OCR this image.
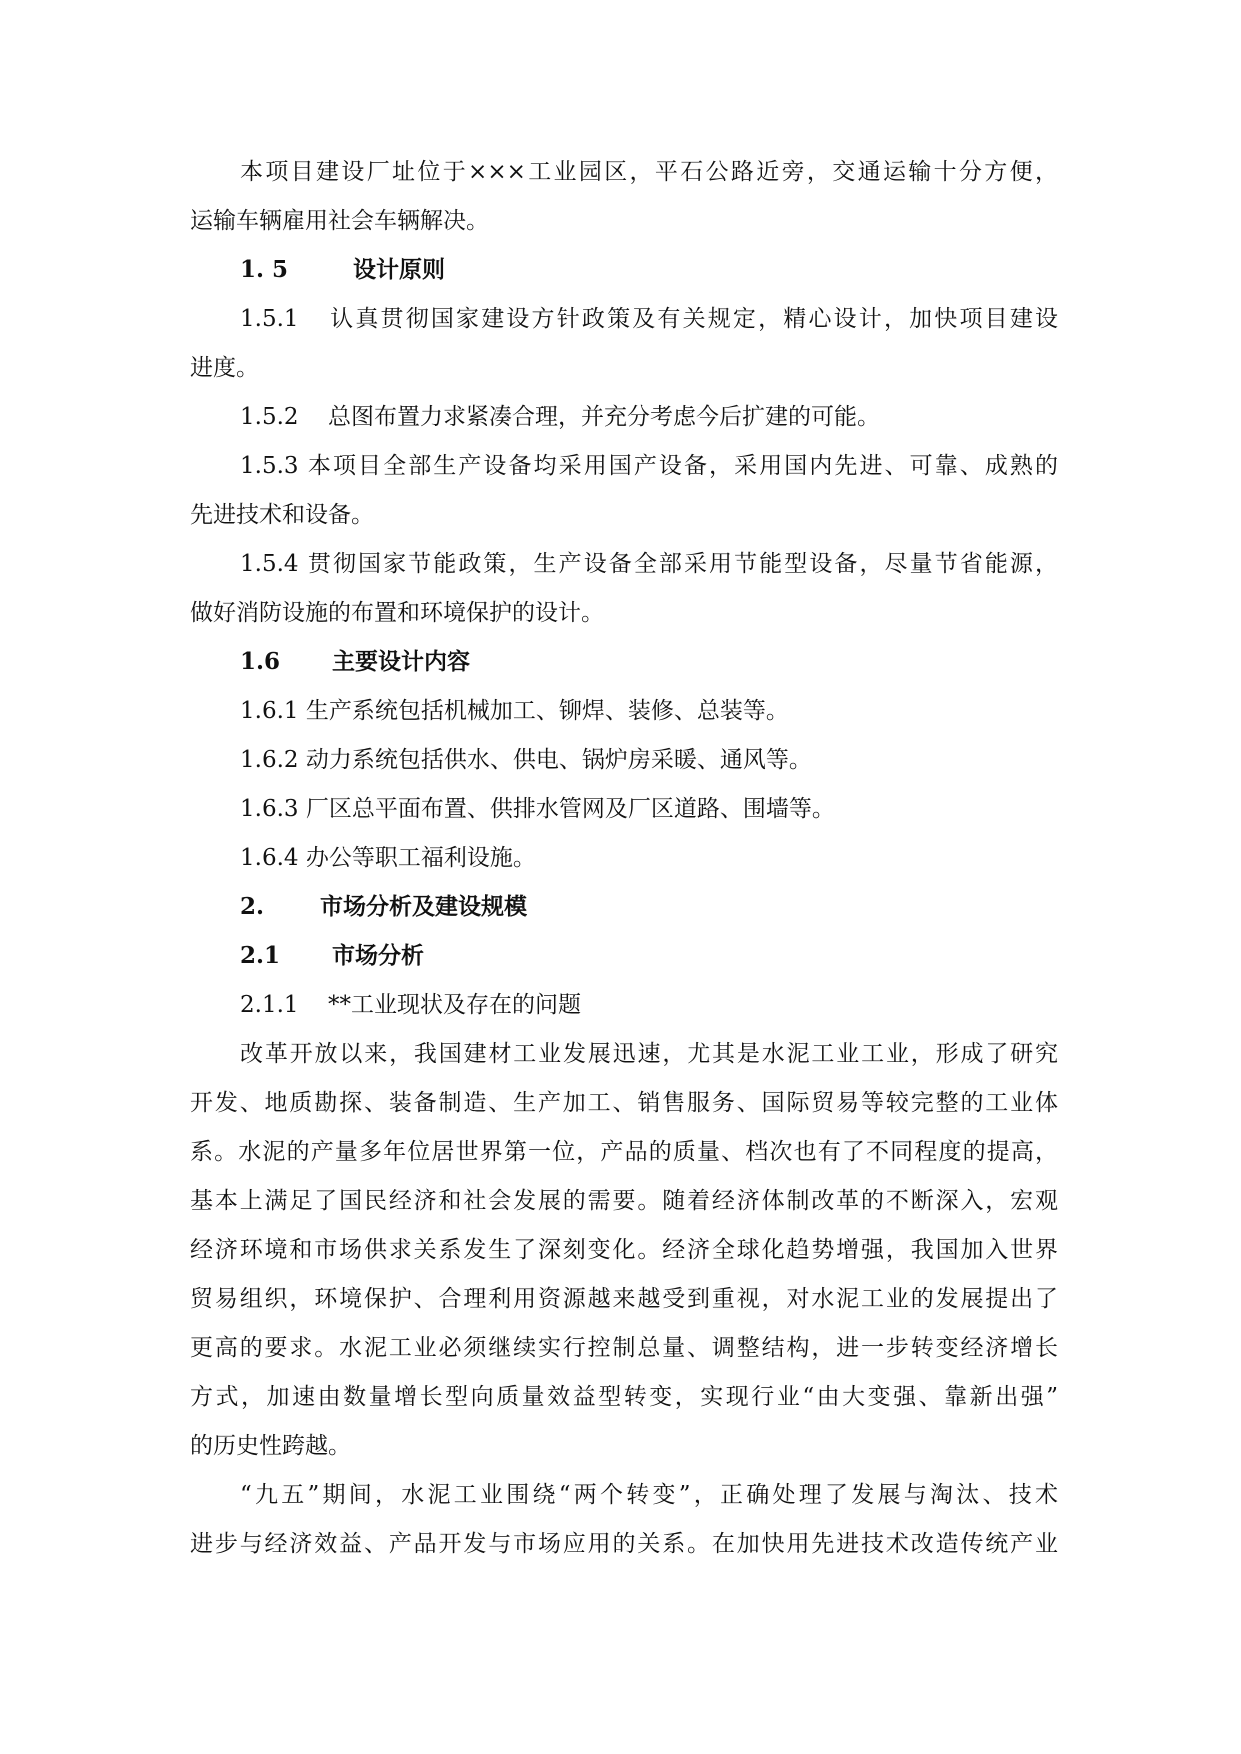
本项目建设厂址位于×××工业园区，平石公路近旁，交通运输十分方便，

运输车辆雇用社会车辆解决。

1. 5	设计原则
1.5.1 认真贯彻国家建设方针政策及有关规定，精心设计，加快项目建设

进度。

1.5.2 总图布置力求紧凑合理，并充分考虑今后扩建的可能。

1.5.3 本项目全部生产设备均采用国产设备，采用国内先进、可靠、成熟的

先进技术和设备。

1.5.4 贯彻国家节能政策，生产设备全部采用节能型设备，尽量节省能源，

做好消防设施的布置和环境保护的设计。

1.6 主要设计内容

1.6.1 生产系统包括机械加工、铆焊、装修、总装等。

1.6.2 动力系统包括供水、供电、锅炉房采暖、通风等。

1.6.3 厂区总平面布置、供排水管网及厂区道路、围墙等。

1.6.4 办公等职工福利设施。

2. 市场分析及建设规模
2.1 市场分析
2.1.1 **工业现状及存在的问题

改革开放以来，我国建材工业发展迅速，尤其是水泥工业工业，形成了研究

开发、地质勘探、装备制造、生产加工、销售服务、国际贸易等较完整的工业体

系。水泥的产量多年位居世界第一位，产品的质量、档次也有了不同程度的提高，

基本上满足了国民经济和社会发展的需要。随着经济体制改革的不断深入，宏观

经济环境和市场供求关系发生了深刻变化。经济全球化趋势增强，我国加入世界

贸易组织，环境保护、合理利用资源越来越受到重视，对水泥工业的发展提出了

更高的要求。水泥工业必须继续实行控制总量、调整结构，进一步转变经济增长

方式，加速由数量增长型向质量效益型转变，实现行业“由大变强、靠新出强”

的历史性跨越。

“九五”期间，水泥工业围绕“两个转变”，正确处理了发展与淘汰、技术

进步与经济效益、产品开发与市场应用的关系。在加快用先进技术改造传统产业
